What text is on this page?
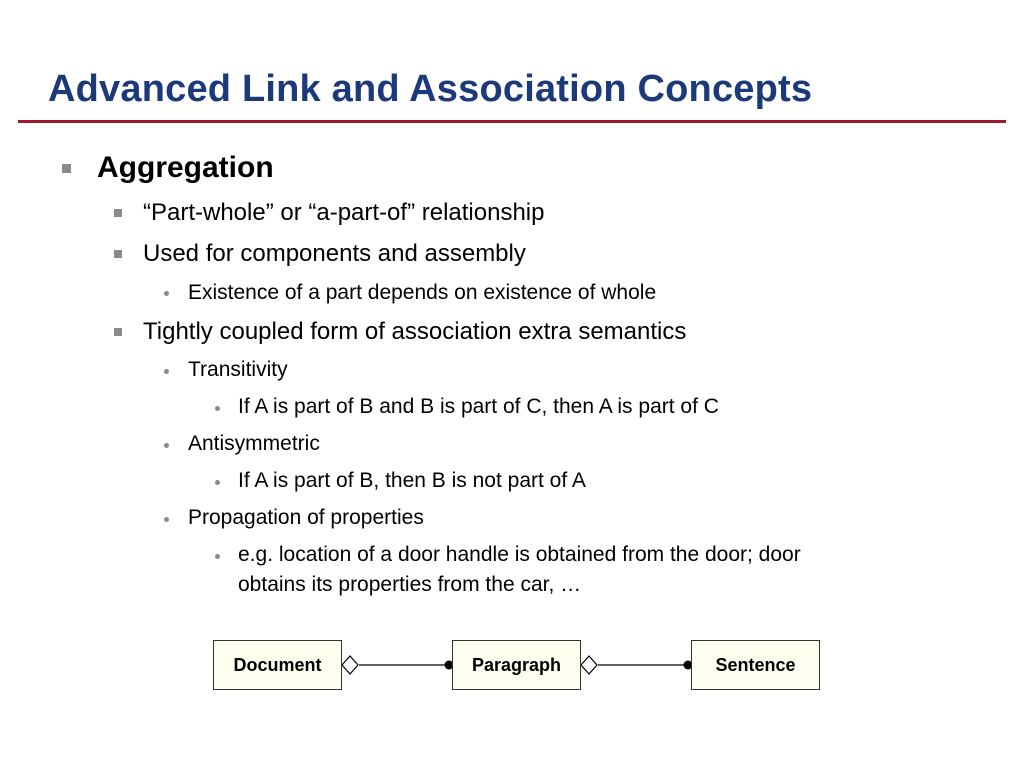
Advanced Link and Association Concepts
Aggregation
“Part-whole” or “a-part-of” relationship
Used for components and assembly
Existence of a part depends on existence of whole
Tightly coupled form of association extra semantics
Transitivity
If A is part of B and B is part of C, then A is part of C
Antisymmetric
If A is part of B, then B is not part of A
Propagation of properties
e.g. location of a door handle is obtained from the door; door
obtains its properties from the car, …
Document	Paragraph	Sentence
